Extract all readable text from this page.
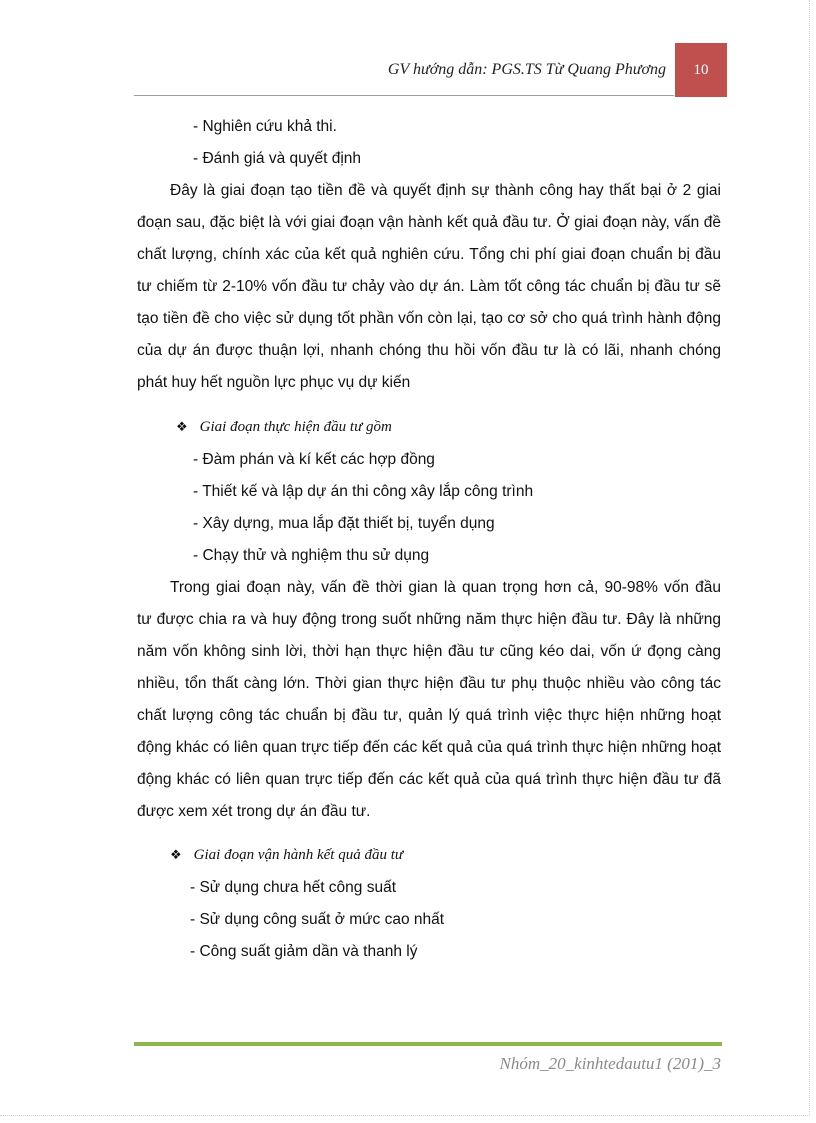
GV hướng dẫn: PGS.TS Từ Quang Phương 10
- Nghiên cứu khả thi.
- Đánh giá và quyết định
Đây là giai đoạn tạo tiền đề và quyết định sự thành công hay thất bại ở 2 giai
đoạn sau, đặc biệt là với giai đoạn vận hành kết quả đầu tư. Ở giai đoạn này, vấn đề
chất lượng, chính xác của kết quả nghiên cứu. Tổng chi phí giai đoạn chuẩn bị đầu
tư chiếm từ 2-10% vốn đầu tư chảy vào dự án. Làm tốt công tác chuẩn bị đầu tư sẽ
tạo tiền đề cho việc sử dụng tốt phần vốn còn lại, tạo cơ sở cho quá trình hành động
của dự án được thuận lợi, nhanh chóng thu hồi vốn đầu tư là có lãi, nhanh chóng
phát huy hết nguồn lực phục vụ dự kiến
❖ Giai đoạn thực hiện đầu tư gồm
- Đàm phán và kí kết các hợp đồng
- Thiết kế và lập dự án thi công xây lắp công trình
- Xây dựng, mua lắp đặt thiết bị, tuyển dụng
- Chạy thử và nghiệm thu sử dụng
Trong giai đoạn này, vấn đề thời gian là quan trọng hơn cả, 90-98% vốn đầu
tư được chia ra và huy động trong suốt những năm thực hiện đầu tư. Đây là những
năm vốn không sinh lời, thời hạn thực hiện đầu tư cũng kéo dai, vốn ứ đọng càng
nhiều, tổn thất càng lớn. Thời gian thực hiện đầu tư phụ thuộc nhiều vào công tác
chất lượng công tác chuẩn bị đầu tư, quản lý quá trình việc thực hiện những hoạt
động khác có liên quan trực tiếp đến các kết quả của quá trình thực hiện những hoạt
động khác có liên quan trực tiếp đến các kết quả của quá trình thực hiện đầu tư đã
được xem xét trong dự án đầu tư.
❖ Giai đoạn vận hành kết quả đầu tư
- Sử dụng chưa hết công suất
- Sử dụng công suất ở mức cao nhất
- Công suất giảm dần và thanh lý
Nhóm_20_kinhtedautu1 (201)_3
